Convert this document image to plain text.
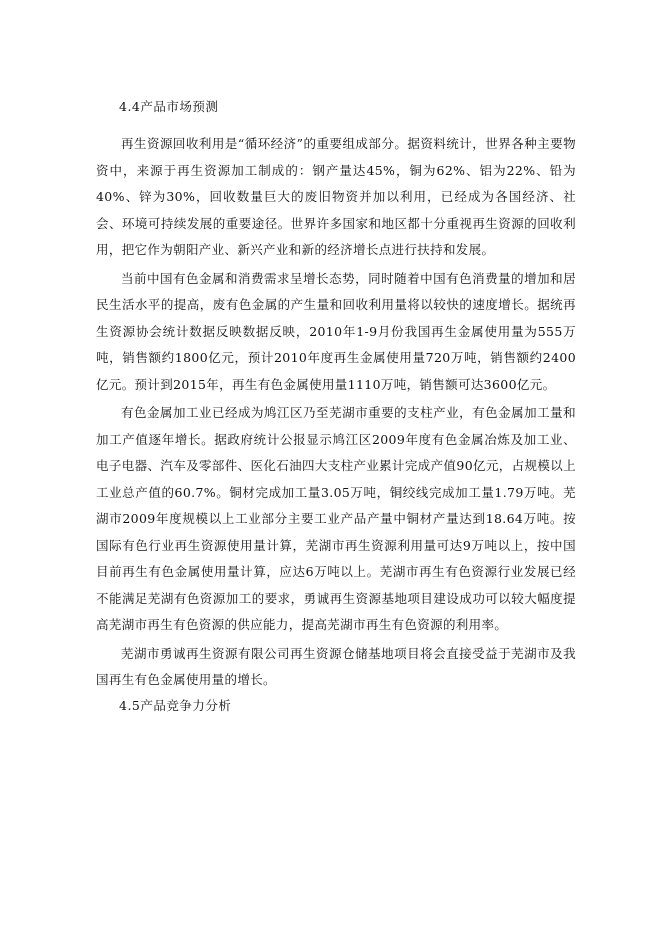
4.4产品市场预测

再生资源回收利用是“循环经济”的重要组成部分。据资料统计，世界各种主要物资中，来源于再生资源加工制成的：钢产量达45%，铜为62%、铝为22%、铅为40%、锌为30%，回收数量巨大的废旧物资并加以利用，已经成为各国经济、社会、环境可持续发展的重要途径。世界许多国家和地区都十分重视再生资源的回收利用，把它作为朝阳产业、新兴产业和新的经济增长点进行扶持和发展。

当前中国有色金属和消费需求呈增长态势，同时随着中国有色消费量的增加和居民生活水平的提高，废有色金属的产生量和回收利用量将以较快的速度增长。据统再生资源协会统计数据反映数据反映，2010年1-9月份我国再生金属使用量为555万吨，销售额约1800亿元，预计2010年度再生金属使用量720万吨，销售额约2400亿元。预计到2015年，再生有色金属使用量1110万吨，销售额可达3600亿元。

有色金属加工业已经成为鸠江区乃至芜湖市重要的支柱产业，有色金属加工量和加工产值逐年增长。据政府统计公报显示鸠江区2009年度有色金属冶炼及加工业、电子电器、汽车及零部件、医化石油四大支柱产业累计完成产值90亿元，占规模以上工业总产值的60.7%。铜材完成加工量3.05万吨，铜绞线完成加工量1.79万吨。芜湖市2009年度规模以上工业部分主要工业产品产量中铜材产量达到18.64万吨。按国际有色行业再生资源使用量计算，芜湖市再生资源利用量可达9万吨以上，按中国目前再生有色金属使用量计算，应达6万吨以上。芜湖市再生有色资源行业发展已经不能满足芜湖有色资源加工的要求，勇诚再生资源基地项目建设成功可以较大幅度提高芜湖市再生有色资源的供应能力，提高芜湖市再生有色资源的利用率。

芜湖市勇诚再生资源有限公司再生资源仓储基地项目将会直接受益于芜湖市及我国再生有色金属使用量的增长。

4.5产品竞争力分析
